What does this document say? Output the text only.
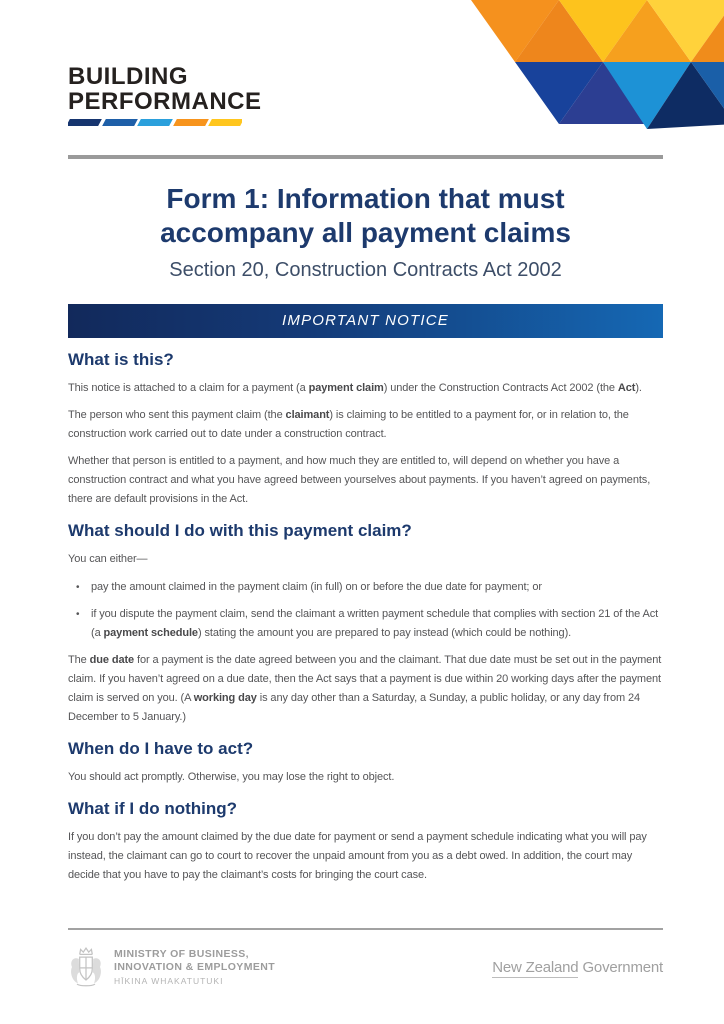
BUILDING
PERFORMANCE
Form 1: Information that must
accompany all payment claims
Section 20, Construction Contracts Act 2002
IMPORTANT NOTICE
What is this?

This notice is attached to a claim for a payment (a payment claim) under the Construction Contracts Act 2002 (the Act).

The person who sent this payment claim (the claimant) is claiming to be entitled to a payment for, or in relation to, the construction work carried out to date under a construction contract.

Whether that person is entitled to a payment, and how much they are entitled to, will depend on whether you have a construction contract and what you have agreed between yourselves about payments. If you haven’t agreed on payments, there are default provisions in the Act.

What should I do with this payment claim?

You can either—

• pay the amount claimed in the payment claim (in full) on or before the due date for payment; or
• if you dispute the payment claim, send the claimant a written payment schedule that complies with section 21 of the Act (a payment schedule) stating the amount you are prepared to pay instead (which could be nothing).

The due date for a payment is the date agreed between you and the claimant. That due date must be set out in the payment claim. If you haven’t agreed on a due date, then the Act says that a payment is due within 20 working days after the payment claim is served on you. (A working day is any day other than a Saturday, a Sunday, a public holiday, or any day from 24 December to 5 January.)

When do I have to act?

You should act promptly. Otherwise, you may lose the right to object.

What if I do nothing?

If you don’t pay the amount claimed by the due date for payment or send a payment schedule indicating what you will pay instead, the claimant can go to court to recover the unpaid amount from you as a debt owed. In addition, the court may decide that you have to pay the claimant’s costs for bringing the court case.

MINISTRY OF BUSINESS,
INNOVATION & EMPLOYMENT
HĪKINA WHAKATUTUKI
New Zealand Government
